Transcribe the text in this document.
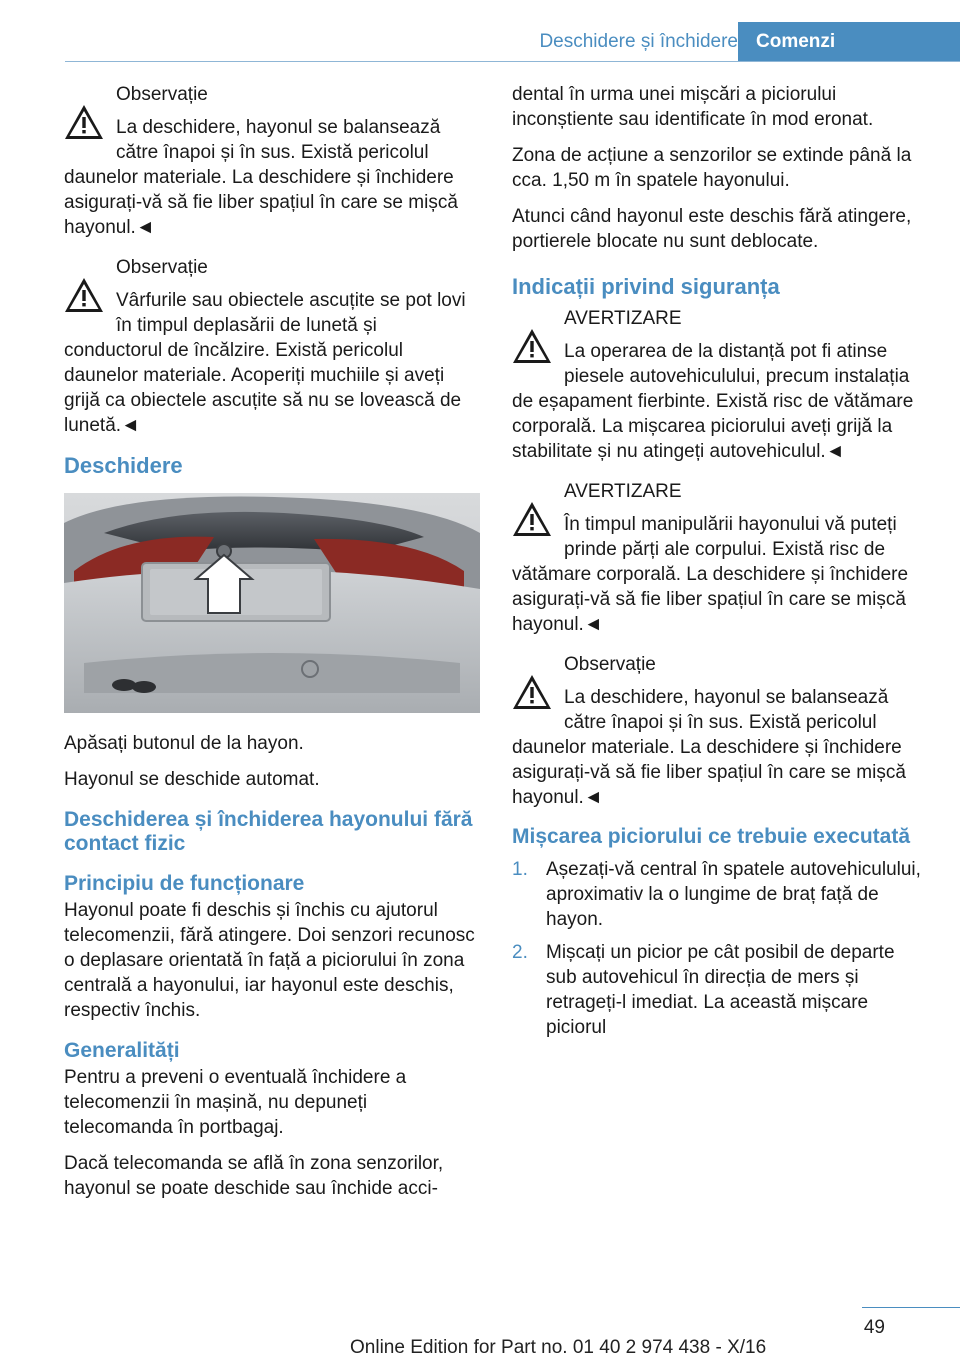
Deschidere și închidere Comenzi
Observație
La deschidere, hayonul se balansează către înapoi și în sus. Există pericolul daunelor materiale. La deschidere și închidere asigurați-vă să fie liber spațiul în care se mișcă hayonul.◄
Observație
Vârfurile sau obiectele ascuțite se pot lovi în timpul deplasării de lunetă și conductorul de încălzire. Există pericolul daunelor materiale. Acoperiți muchiile și aveți grijă ca obiectele ascuțite să nu se lovească de lunetă.◄
Deschidere

Apăsați butonul de la hayon.

Hayonul se deschide automat.

Deschiderea și închiderea hayonului fără contact fizic
Principiu de funcționare

Hayonul poate fi deschis și închis cu ajutorul telecomenzii, fără atingere. Doi senzori recunosc o deplasare orientată în față a piciorului în zona centrală a hayonului, iar hayonul este deschis, respectiv închis.

Generalități

Pentru a preveni o eventuală închidere a telecomenzii în mașină, nu depuneți telecomanda în portbagaj.

Dacă telecomanda se află în zona senzorilor, hayonul se poate deschide sau închide acci-

dental în urma unei mișcări a piciorului inconștiente sau identificate în mod eronat.

Zona de acțiune a senzorilor se extinde până la cca. 1,50 m în spatele hayonului.

Atunci când hayonul este deschis fără atingere, portierele blocate nu sunt deblocate.

Indicații privind siguranța
AVERTIZARE
La operarea de la distanță pot fi atinse piesele autovehiculului, precum instalația de eșapament fierbinte. Există risc de vătămare corporală. La mișcarea piciorului aveți grijă la stabilitate și nu atingeți autovehiculul.◄
AVERTIZARE
În timpul manipulării hayonului vă puteți prinde părți ale corpului. Există risc de vătămare corporală. La deschidere și închidere asigurați-vă să fie liber spațiul în care se mișcă hayonul.◄
Observație
La deschidere, hayonul se balansează către înapoi și în sus. Există pericolul daunelor materiale. La deschidere și închidere asigurați-vă să fie liber spațiul în care se mișcă hayonul.◄
Mișcarea piciorului ce trebuie executată
1. Așezați-vă central în spatele autovehiculului, aproximativ la o lungime de braț față de hayon.
2. Mișcați un picior pe cât posibil de departe sub autovehicul în direcția de mers și retrageți-l imediat. La această mișcare piciorul
49
Online Edition for Part no. 01 40 2 974 438 - X/16
